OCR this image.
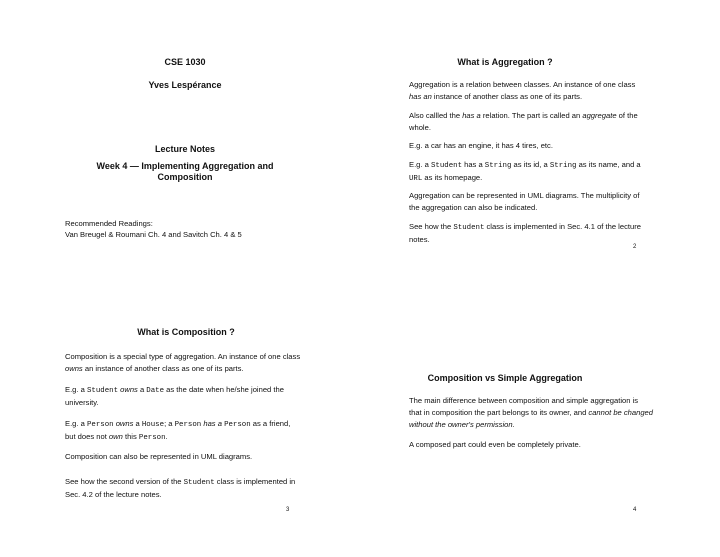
CSE 1030
Yves Lespérance
Lecture Notes
Week 4 — Implementing Aggregation and
Composition
Recommended Readings:
Van Breugel & Roumani Ch. 4 and Savitch Ch. 4 & 5
What is Aggregation ?
Aggregation is a relation between classes. An instance of one class
has an instance of another class as one of its parts.
Also callled the has a relation. The part is called an aggregate of the
whole.
E.g. a car has an engine, it has 4 tires, etc.
E.g. a Student has a String as its id, a String as its name, and a
URL as its homepage.
Aggregation can be represented in UML diagrams. The multiplicity of
the aggregation can also be indicated.
See how the Student class is implemented in Sec. 4.1 of the lecture
notes.
2
What is Composition ?
Composition is a special type of aggregation. An instance of one class
owns an instance of another class as one of its parts.
E.g. a Student owns a Date as the date when he/she joined the
university.
E.g. a Person owns a House; a Person has a Person as a friend,
but does not own this Person.
Composition can also be represented in UML diagrams.
See how the second version of the Student class is implemented in
Sec. 4.2 of the lecture notes.
3
Composition vs Simple Aggregation
The main difference between composition and simple aggregation is
that in composition the part belongs to its owner, and cannot be changed
without the owner's permission.
A composed part could even be completely private.
4
